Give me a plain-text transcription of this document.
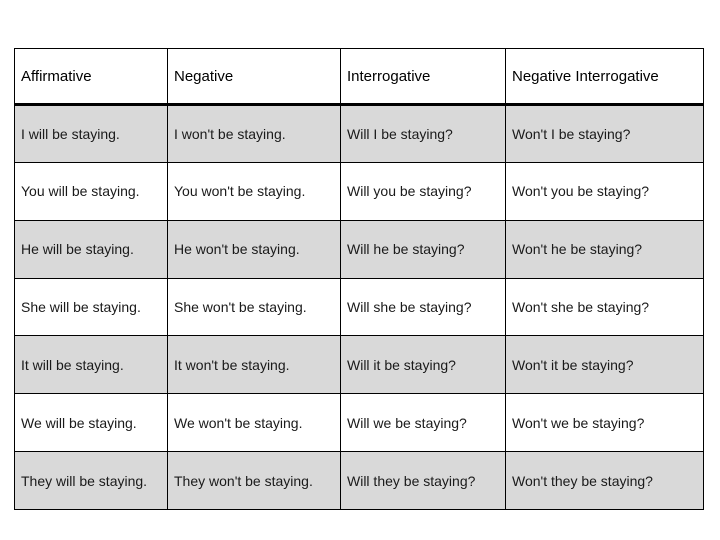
Affirmative	Negative	Interrogative	Negative Interrogative
I will be staying.	I won't be staying.	Will I be staying?	Won't I be staying?
You will be staying.	You won't be staying.	Will you be staying?	Won't you be staying?
He will be staying.	He won't be staying.	Will he be staying?	Won't he be staying?
She will be staying.	She won't be staying.	Will she be staying?	Won't she be staying?
It will be staying.	It won't be staying.	Will it be staying?	Won't it be staying?
We will be staying.	We won't be staying.	Will we be staying?	Won't we be staying?
They will be staying.	They won't be staying.	Will they be staying?	Won't they be staying?
